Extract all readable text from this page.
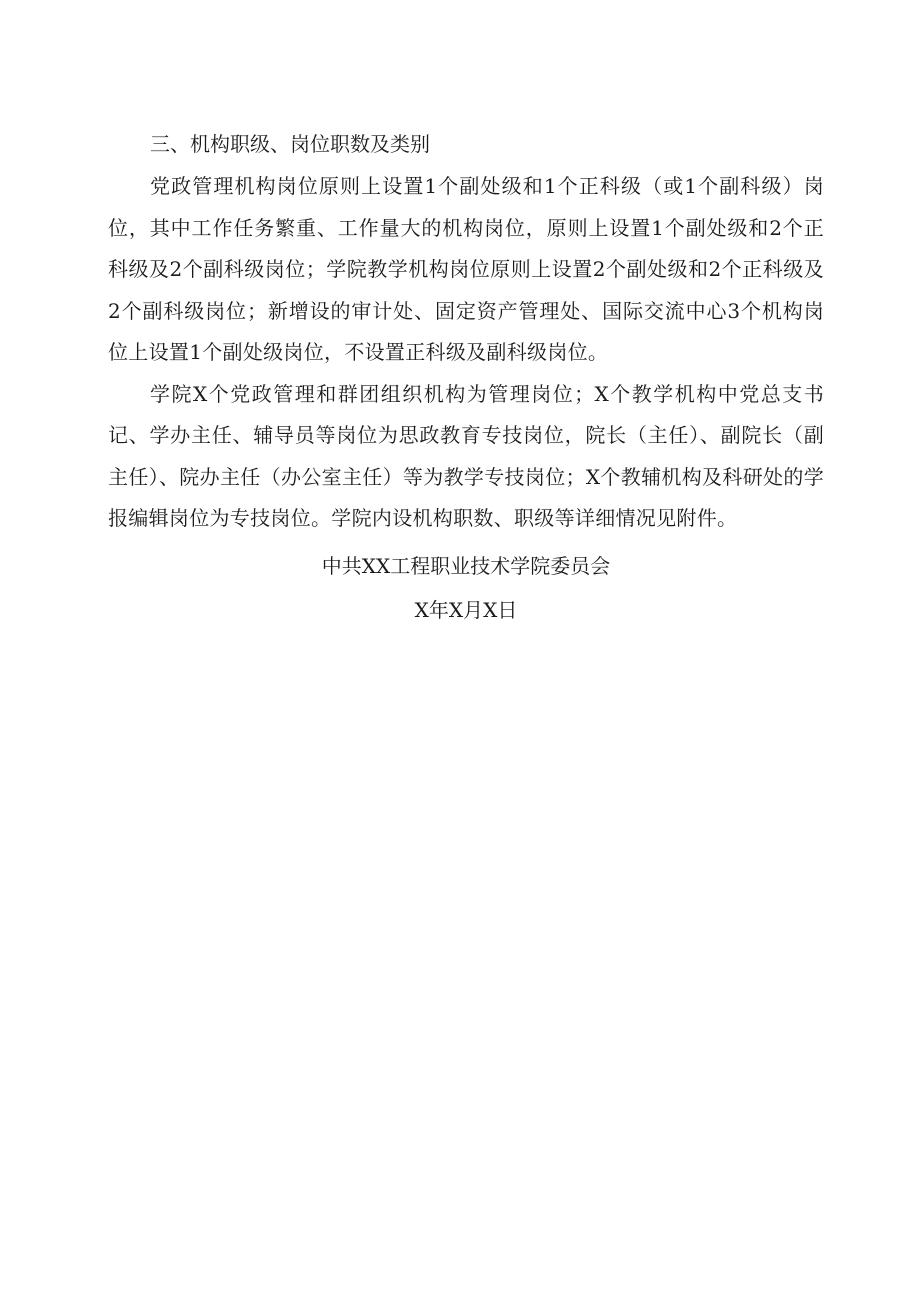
三、机构职级、岗位职数及类别

党政管理机构岗位原则上设置1个副处级和1个正科级（或1个副科级）岗位，其中工作任务繁重、工作量大的机构岗位，原则上设置1个副处级和2个正科级及2个副科级岗位；学院教学机构岗位原则上设置2个副处级和2个正科级及2个副科级岗位；新增设的审计处、固定资产管理处、国际交流中心3个机构岗位上设置1个副处级岗位，不设置正科级及副科级岗位。

学院X个党政管理和群团组织机构为管理岗位；X个教学机构中党总支书记、学办主任、辅导员等岗位为思政教育专技岗位，院长（主任）、副院长（副主任）、院办主任（办公室主任）等为教学专技岗位；X个教辅机构及科研处的学报编辑岗位为专技岗位。学院内设机构职数、职级等详细情况见附件。

中共XX工程职业技术学院委员会

X年X月X日
